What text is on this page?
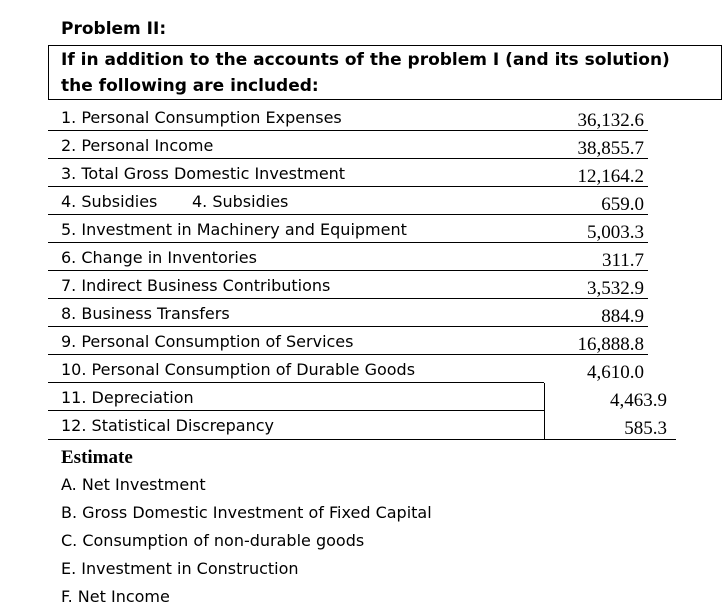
Problem II:
If in addition to the accounts of the problem I (and its solution)
the following are included:
1. Personal Consumption Expenses	36,132.6
2. Personal Income	38,855.7
3. Total Gross Domestic Investment	12,164.2
4. Subsidies 4. Subsidies	659.0
5. Investment in Machinery and Equipment	5,003.3
6. Change in Inventories	311.7
7. Indirect Business Contributions	3,532.9
8. Business Transfers	884.9
9. Personal Consumption of Services	16,888.8
10. Personal Consumption of Durable Goods	4,610.0
11. Depreciation	4,463.9
12. Statistical Discrepancy	585.3
Estimate
A. Net Investment
B. Gross Domestic Investment of Fixed Capital
C. Consumption of non-durable goods
E. Investment in Construction
F. Net Income
